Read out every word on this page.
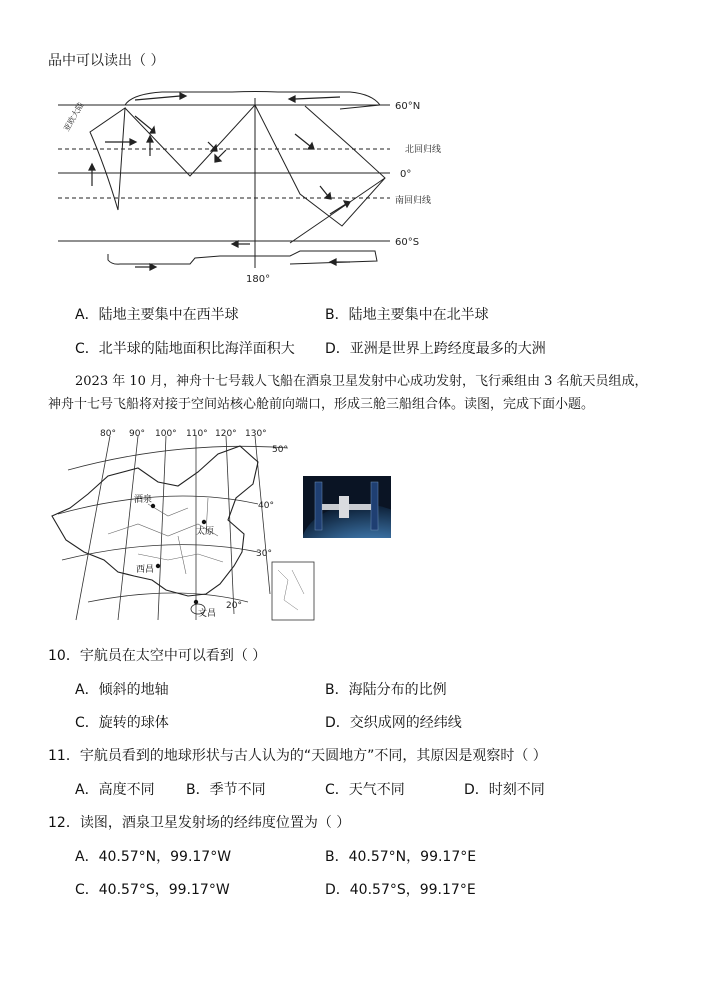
品中可以读出（ ）
60°N
北回归线
0°
南回归线
60°S
180°
亚欧大陆
A．陆地主要集中在西半球	B．陆地主要集中在北半球
C．北半球的陆地面积比海洋面积大 D．亚洲是世界上跨经度最多的大洲
2023 年 10 月，神舟十七号载人飞船在酒泉卫星发射中心成功发射，飞行乘组由 3 名航天员组成，
神舟十七号飞船将对接于空间站核心舱前向端口，形成三舱三船组合体。读图，完成下面小题。
酒泉
太原
西昌
文昌
80° 90° 100° 110° 120° 130°
50°
40°
30°
20°
10．宇航员在太空中可以看到（ ）
A．倾斜的地轴	B．海陆分布的比例
C．旋转的球体	D．交织成网的经纬线
11．宇航员看到的地球形状与古人认为的“天圆地方”不同，其原因是观察时（ ）
A．高度不同 B．季节不同	C．天气不同	D．时刻不同
12．读图，酒泉卫星发射场的经纬度位置为（ ）
A．40.57°N，99.17°W	B．40.57°N，99.17°E
C．40.57°S，99.17°W	D．40.57°S，99.17°E
